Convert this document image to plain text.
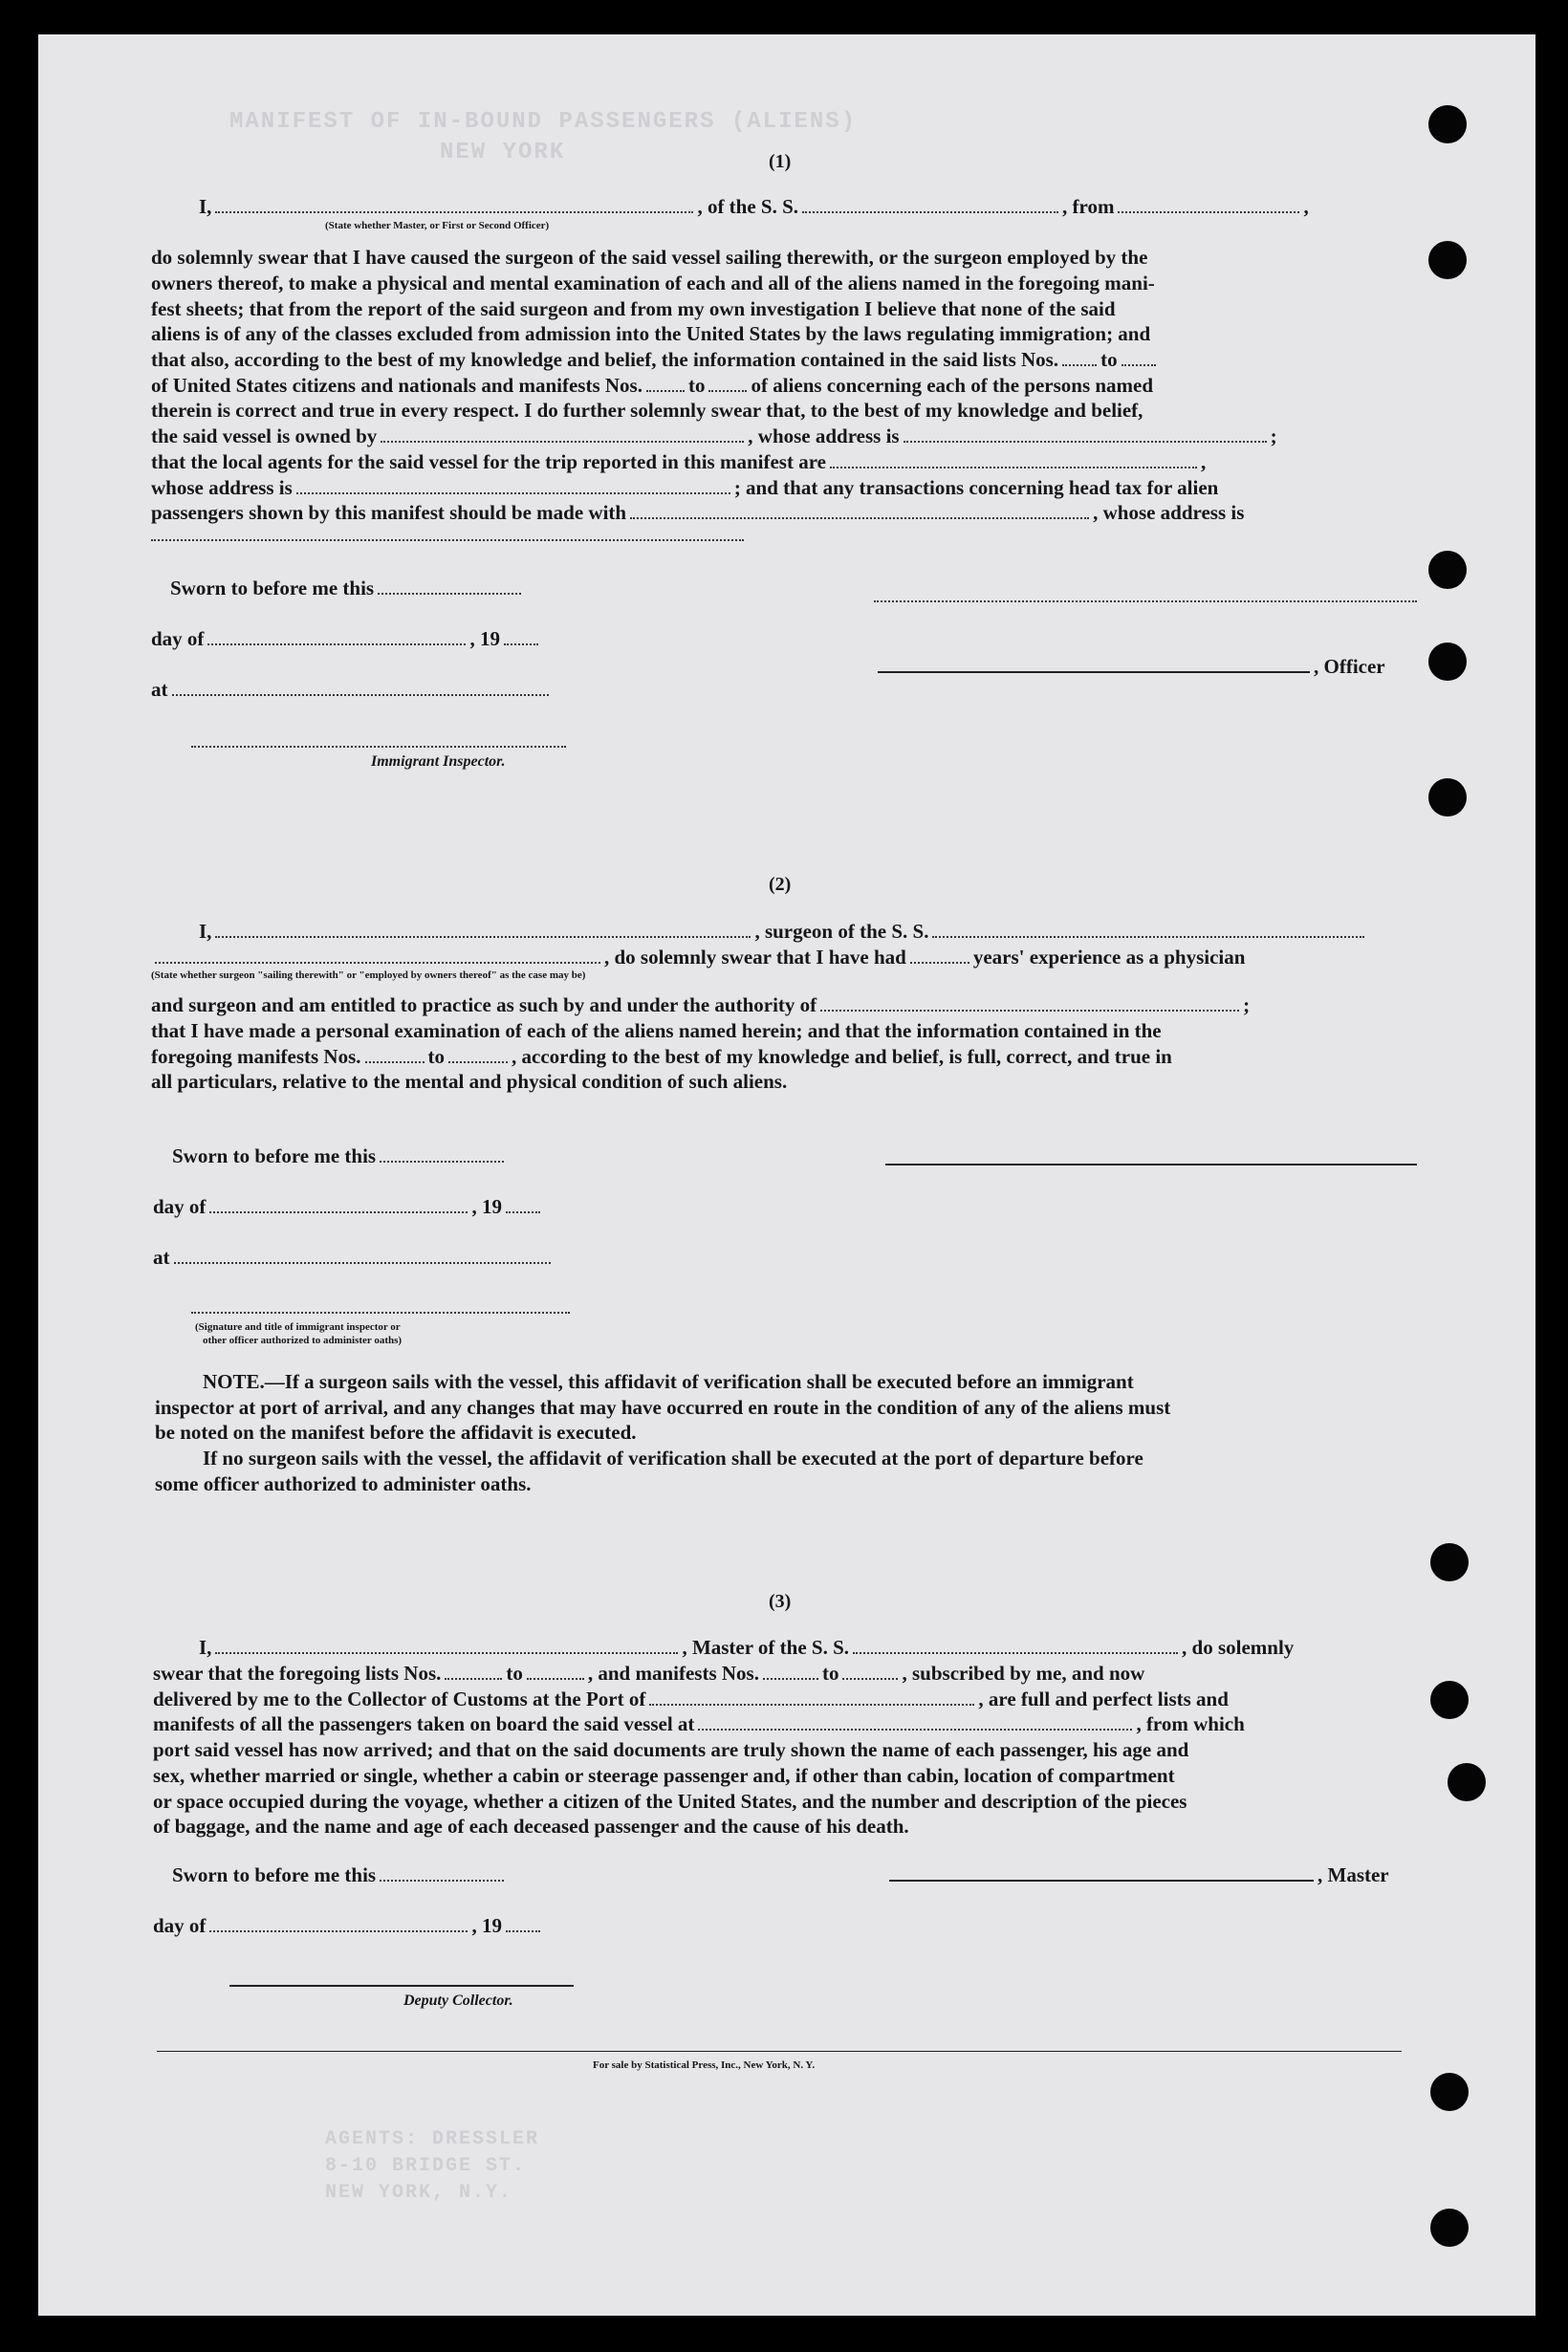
MANIFEST OF IN-BOUND PASSENGERS (ALIENS)
NEW YORK
AGENTS: DRESSLER
8-10 BRIDGE ST.
NEW YORK, N.Y.
(1)
I,	, of the S. S.	, from	,
(State whether Master, or First or Second Officer)
do solemnly swear that I have caused the surgeon of the said vessel sailing therewith, or the surgeon employed by the
owners thereof, to make a physical and mental examination of each and all of the aliens named in the foregoing mani-
fest sheets; that from the report of the said surgeon and from my own investigation I believe that none of the said
aliens is of any of the classes excluded from admission into the United States by the laws regulating immigration; and
that also, according to the best of my knowledge and belief, the information contained in the said lists Nos. to
of United States citizens and nationals and manifests Nos. to of aliens concerning each of the persons named
therein is correct and true in every respect. I do further solemnly swear that, to the best of my knowledge and belief,
the said vessel is owned by	, whose address is	;
that the local agents for the said vessel for the trip reported in this manifest are	,
whose address is	; and that any transactions concerning head tax for alien
passengers shown by this manifest should be made with	, whose address is
Sworn to before me this
day of	, 19
, Officer
at
Immigrant Inspector.
(2)
I,	, surgeon of the S. S.
, do solemnly swear that I have had	years' experience as a physician
(State whether surgeon "sailing therewith" or "employed by owners thereof" as the case may be)
and surgeon and am entitled to practice as such by and under the authority of	;
that I have made a personal examination of each of the aliens named herein; and that the information contained in the
foregoing manifests Nos.	to	, according to the best of my knowledge and belief, is full, correct, and true in
all particulars, relative to the mental and physical condition of such aliens.
Sworn to before me this
day of	, 19
at
(Signature and title of immigrant inspector or
other officer authorized to administer oaths)
NOTE.—If a surgeon sails with the vessel, this affidavit of verification shall be executed before an immigrant
inspector at port of arrival, and any changes that may have occurred en route in the condition of any of the aliens must
be noted on the manifest before the affidavit is executed.
If no surgeon sails with the vessel, the affidavit of verification shall be executed at the port of departure before
some officer authorized to administer oaths.
(3)
I,	, Master of the S. S.	, do solemnly
swear that the foregoing lists Nos.	to	, and manifests Nos.	to	, subscribed by me, and now
delivered by me to the Collector of Customs at the Port of	, are full and perfect lists and
manifests of all the passengers taken on board the said vessel at	, from which
port said vessel has now arrived; and that on the said documents are truly shown the name of each passenger, his age and
sex, whether married or single, whether a cabin or steerage passenger and, if other than cabin, location of compartment
or space occupied during the voyage, whether a citizen of the United States, and the number and description of the pieces
of baggage, and the name and age of each deceased passenger and the cause of his death.
Sworn to before me this	, Master
day of	, 19
Deputy Collector.
For sale by Statistical Press, Inc., New York, N. Y.
